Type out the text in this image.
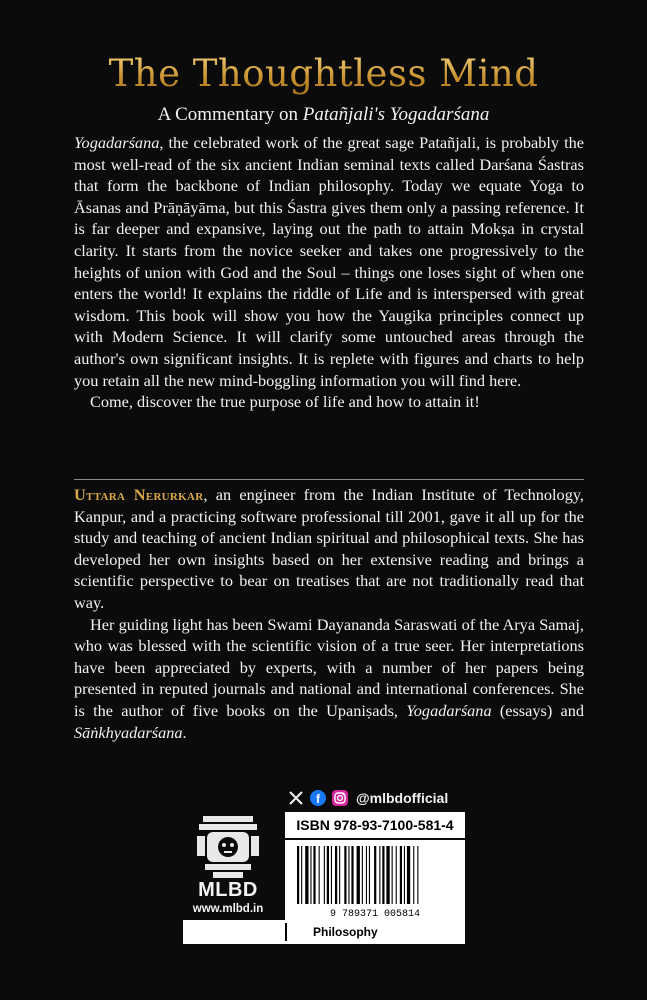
The Thoughtless Mind
A Commentary on Patañjali's Yogadarśana

Yogadarśana, the celebrated work of the great sage Patañjali, is probably the most well-read of the six ancient Indian seminal texts called Darśana Śastras that form the backbone of Indian philosophy. Today we equate Yoga to Āsanas and Prāṇāyāma, but this Śastra gives them only a passing reference. It is far deeper and expansive, laying out the path to attain Mokṣa in crystal clarity. It starts from the novice seeker and takes one progressively to the heights of union with God and the Soul – things one loses sight of when one enters the world! It explains the riddle of Life and is interspersed with great wisdom. This book will show you how the Yaugika principles connect up with Modern Science. It will clarify some untouched areas through the author's own significant insights. It is replete with figures and charts to help you retain all the new mind-boggling information you will find here.

Come, discover the true purpose of life and how to attain it!

Uttara Nerurkar, an engineer from the Indian Institute of Technology, Kanpur, and a practicing software professional till 2001, gave it all up for the study and teaching of ancient Indian spiritual and philosophical texts. She has developed her own insights based on her extensive reading and brings a scientific perspective to bear on treatises that are not traditionally read that way.

Her guiding light has been Swami Dayananda Saraswati of the Arya Samaj, who was blessed with the scientific vision of a true seer. Her interpretations have been appreciated by experts, with a number of her papers being presented in reputed journals and national and international conferences. She is the author of five books on the Upaniṣads, Yogadarśana (essays) and Sāṅkhyadarśana.

f	@mlbdofficial
MLBD
www.mlbd.in
ISBN 978-93-7100-581-4
9 789371 005814
Philosophy
